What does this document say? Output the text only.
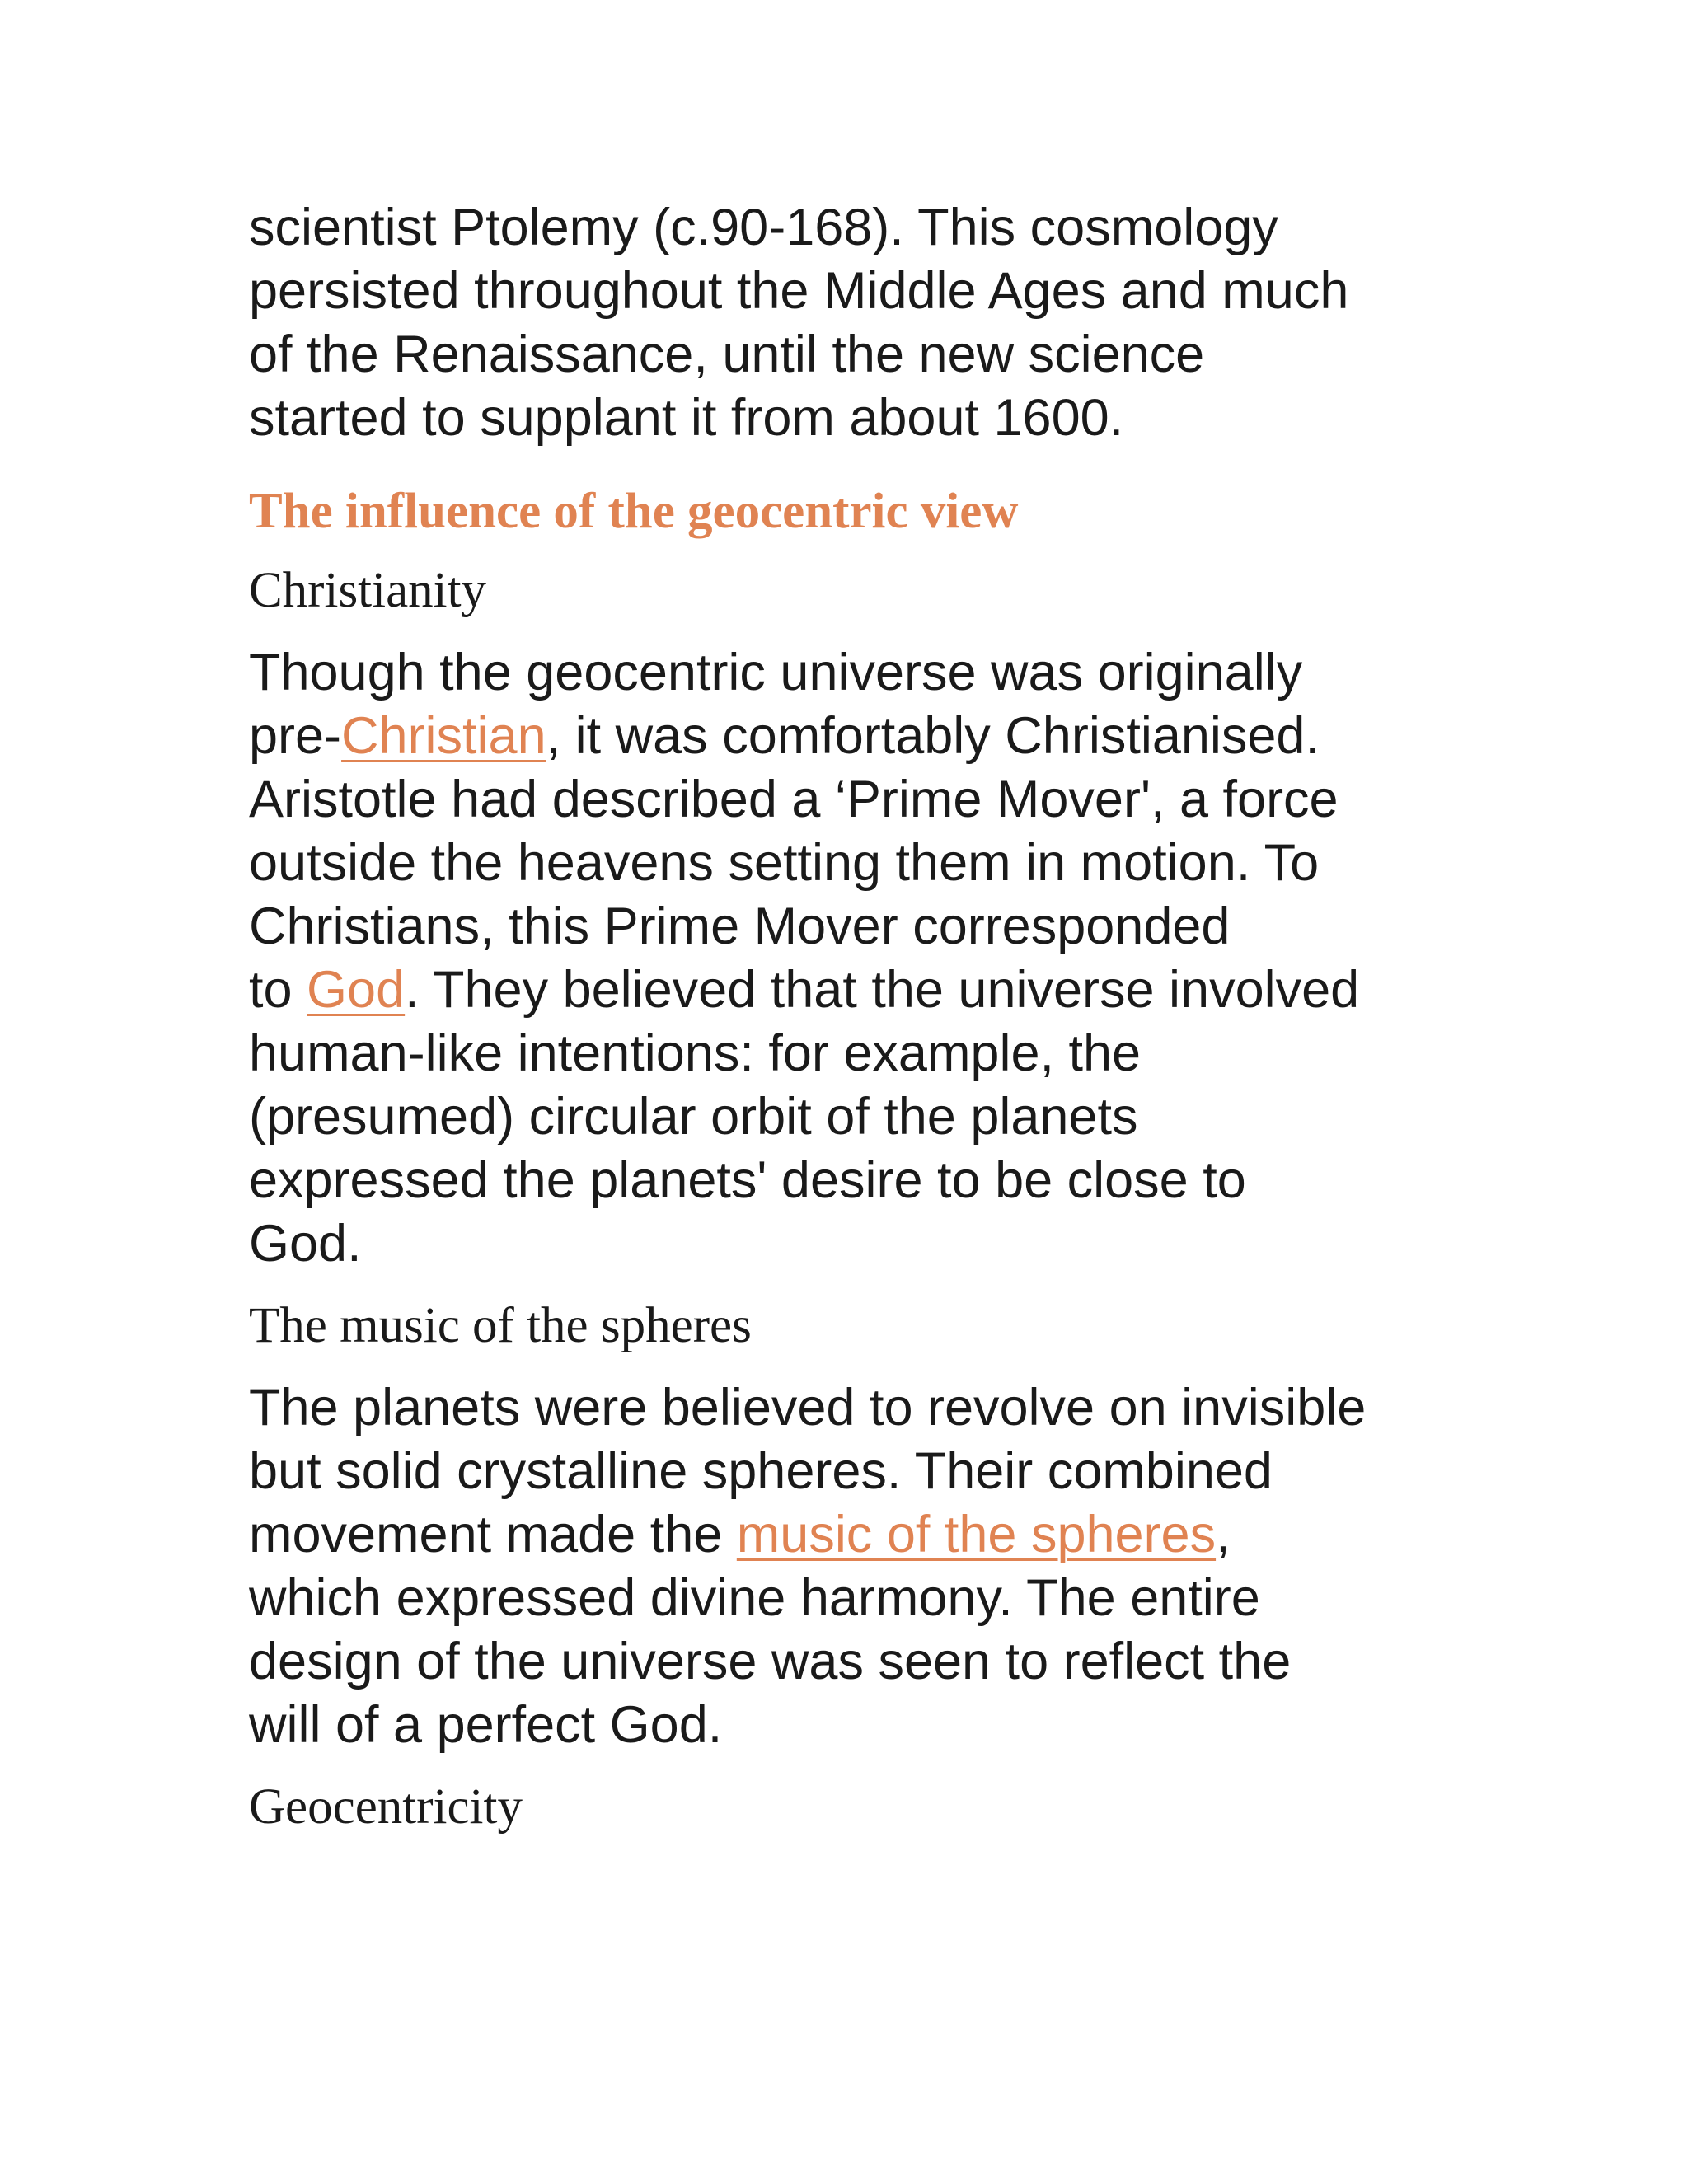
scientist Ptolemy (c.90-168). This cosmology
persisted throughout the Middle Ages and much
of the Renaissance, until the new science
started to supplant it from about 1600.
The influence of the geocentric view
Christianity
Though the geocentric universe was originally
pre-Christian, it was comfortably Christianised.
Aristotle had described a ‘Prime Mover', a force
outside the heavens setting them in motion. To
Christians, this Prime Mover corresponded
to God. They believed that the universe involved
human-like intentions: for example, the
(presumed) circular orbit of the planets
expressed the planets' desire to be close to
God.
The music of the spheres
The planets were believed to revolve on invisible
but solid crystalline spheres. Their combined
movement made the music of the spheres,
which expressed divine harmony. The entire
design of the universe was seen to reflect the
will of a perfect God.
Geocentricity
